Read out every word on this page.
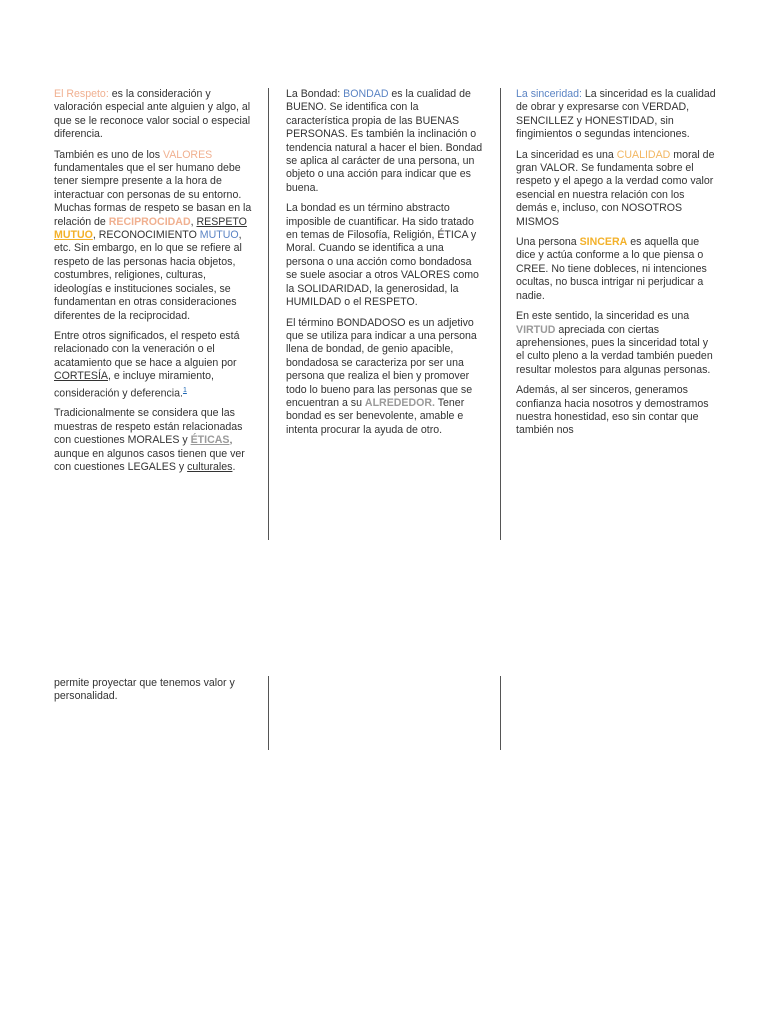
El Respeto: es la consideración y valoración especial ante alguien y algo, al que se le reconoce valor social o especial diferencia.

También es uno de los VALORES fundamentales que el ser humano debe tener siempre presente a la hora de interactuar con personas de su entorno. Muchas formas de respeto se basan en la relación de RECIPROCIDAD, RESPETO MUTUO, RECONOCIMIENTO MUTUO, etc. Sin embargo, en lo que se refiere al respeto de las personas hacia objetos, costumbres, religiones, culturas, ideologías e instituciones sociales, se fundamentan en otras consideraciones diferentes de la reciprocidad.

Entre otros significados, el respeto está relacionado con la veneración o el acatamiento que se hace a alguien por CORTESÍA, e incluye miramiento, consideración y deferencia.$^1$

Tradicionalmente se considera que las muestras de respeto están relacionadas con cuestiones MORALES y ÉTICAS, aunque en algunos casos tienen que ver con cuestiones LEGALES y culturales.

La Bondad: BONDAD es la cualidad de BUENO. Se identifica con la característica propia de las BUENAS PERSONAS. Es también la inclinación o tendencia natural a hacer el bien. Bondad se aplica al carácter de una persona, un objeto o una acción para indicar que es buena.

La bondad es un término abstracto imposible de cuantificar. Ha sido tratado en temas de Filosofía, Religión, ÉTICA y Moral. Cuando se identifica a una persona o una acción como bondadosa se suele asociar a otros VALORES como la SOLIDARIDAD, la generosidad, la HUMILDAD o el RESPETO.

El término BONDADOSO es un adjetivo que se utiliza para indicar a una persona llena de bondad, de genio apacible, bondadosa se caracteriza por ser una persona que realiza el bien y promover todo lo bueno para las personas que se encuentran a su ALREDEDOR. Tener bondad es ser benevolente, amable e intenta procurar la ayuda de otro.

La sinceridad: La sinceridad es la cualidad de obrar y expresarse con VERDAD, SENCILLEZ y HONESTIDAD, sin fingimientos o segundas intenciones.

La sinceridad es una CUALIDAD moral de gran VALOR. Se fundamenta sobre el respeto y el apego a la verdad como valor esencial en nuestra relación con los demás e, incluso, con NOSOTROS MISMOS

Una persona SINCERA es aquella que dice y actúa conforme a lo que piensa o CREE. No tiene dobleces, ni intenciones ocultas, no busca intrigar ni perjudicar a nadie.

En este sentido, la sinceridad es una VIRTUD apreciada con ciertas aprehensiones, pues la sinceridad total y el culto pleno a la verdad también pueden resultar molestos para algunas personas.

Además, al ser sinceros, generamos confianza hacia nosotros y demostramos nuestra honestidad, eso sin contar que también nos

permite proyectar que tenemos valor y personalidad.
